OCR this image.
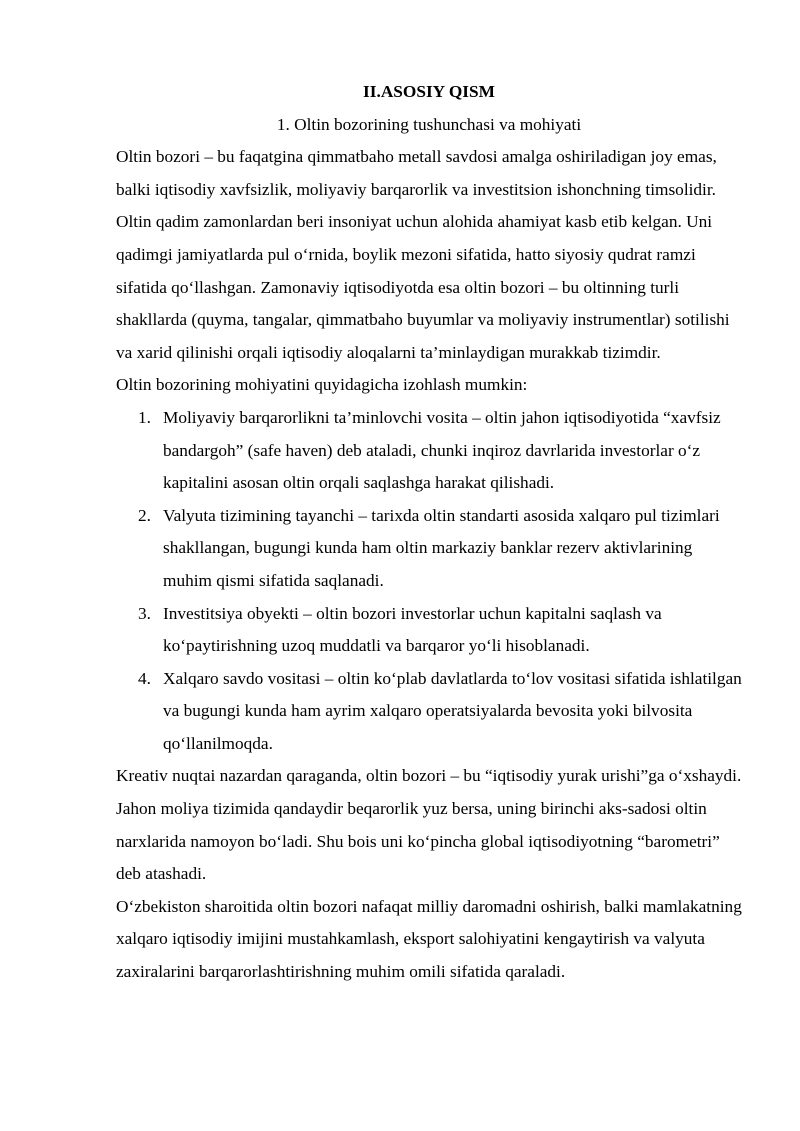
II.ASOSIY QISM

1. Oltin bozorining tushunchasi va mohiyati

Oltin bozori – bu faqatgina qimmatbaho metall savdosi amalga oshiriladigan joy emas, balki iqtisodiy xavfsizlik, moliyaviy barqarorlik va investitsion ishonchning timsolidir. Oltin qadim zamonlardan beri insoniyat uchun alohida ahamiyat kasb etib kelgan. Uni qadimgi jamiyatlarda pul o‘rnida, boylik mezoni sifatida, hatto siyosiy qudrat ramzi sifatida qo‘llashgan. Zamonaviy iqtisodiyotda esa oltin bozori – bu oltinning turli shakllarda (quyma, tangalar, qimmatbaho buyumlar va moliyaviy instrumentlar) sotilishi va xarid qilinishi orqali iqtisodiy aloqalarni ta’minlaydigan murakkab tizimdir.

Oltin bozorining mohiyatini quyidagicha izohlash mumkin:

1. Moliyaviy barqarorlikni ta’minlovchi vosita – oltin jahon iqtisodiyotida “xavfsiz bandargoh” (safe haven) deb ataladi, chunki inqiroz davrlarida investorlar o‘z kapitalini asosan oltin orqali saqlashga harakat qilishadi.
2. Valyuta tizimining tayanchi – tarixda oltin standarti asosida xalqaro pul tizimlari shakllangan, bugungi kunda ham oltin markaziy banklar rezerv aktivlarining muhim qismi sifatida saqlanadi.
3. Investitsiya obyekti – oltin bozori investorlar uchun kapitalni saqlash va ko‘paytirishning uzoq muddatli va barqaror yo‘li hisoblanadi.
4. Xalqaro savdo vositasi – oltin ko‘plab davlatlarda to‘lov vositasi sifatida ishlatilgan va bugungi kunda ham ayrim xalqaro operatsiyalarda bevosita yoki bilvosita qo‘llanilmoqda.

Kreativ nuqtai nazardan qaraganda, oltin bozori – bu “iqtisodiy yurak urishi”ga o‘xshaydi. Jahon moliya tizimida qandaydir beqarorlik yuz bersa, uning birinchi aks-sadosi oltin narxlarida namoyon bo‘ladi. Shu bois uni ko‘pincha global iqtisodiyotning “barometri” deb atashadi.

O‘zbekiston sharoitida oltin bozori nafaqat milliy daromadni oshirish, balki mamlakatning xalqaro iqtisodiy imijini mustahkamlash, eksport salohiyatini kengaytirish va valyuta zaxiralarini barqarorlashtirishning muhim omili sifatida qaraladi.
